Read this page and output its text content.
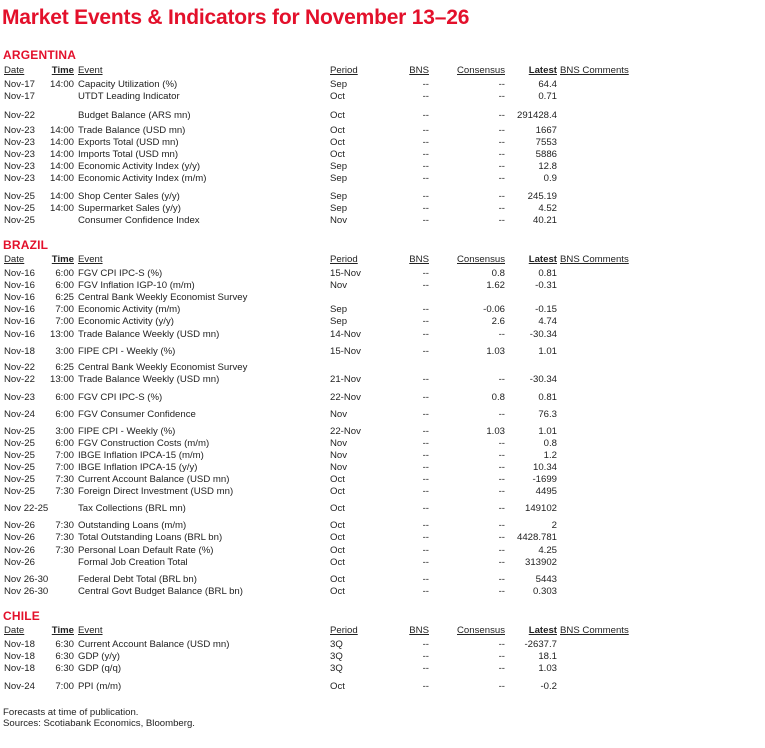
Market Events & Indicators for November 13–26
ARGENTINA
Date	Time Event	Period	BNS	Consensus Latest BNS Comments
Nov-17 14:00 Capacity Utilization (%)	Sep	--	--	64.4
Nov-17	UTDT Leading Indicator	Oct	--	--	0.71
Nov-22	Budget Balance (ARS mn)	Oct	--	-- 291428.4
Nov-23 14:00 Trade Balance (USD mn)	Oct	--	--	1667
Nov-23 14:00 Exports Total (USD mn)	Oct	--	--	7553
Nov-23 14:00 Imports Total (USD mn)	Oct	--	--	5886
Nov-23 14:00 Economic Activity Index (y/y)	Sep	--	--	12.8
Nov-23 14:00 Economic Activity Index (m/m)	Sep	--	--	0.9
Nov-25 14:00 Shop Center Sales (y/y)	Sep	--	-- 245.19
Nov-25 14:00 Supermarket Sales (y/y)	Sep	--	--	4.52
Nov-25	Consumer Confidence Index	Nov	--	--	40.21
BRAZIL
Date	Time Event	Period	BNS	Consensus Latest BNS Comments
Nov-16 6:00 FGV CPI IPC-S (%)	15-Nov	--	0.8	0.81
Nov-16 6:00 FGV Inflation IGP-10 (m/m)	Nov	--	1.62	-0.31
Nov-16 6:25 Central Bank Weekly Economist Survey
Nov-16 7:00 Economic Activity (m/m)	Sep	--	-0.06	-0.15
Nov-16 7:00 Economic Activity (y/y)	Sep	--	2.6	4.74
Nov-16 13:00 Trade Balance Weekly (USD mn)	14-Nov	--	--	-30.34
Nov-18 3:00 FIPE CPI - Weekly (%)	15-Nov	--	1.03	1.01
Nov-22 6:25 Central Bank Weekly Economist Survey
Nov-22 13:00 Trade Balance Weekly (USD mn)	21-Nov	--	--	-30.34
Nov-23 6:00 FGV CPI IPC-S (%)	22-Nov	--	0.8	0.81
Nov-24 6:00 FGV Consumer Confidence	Nov	--	--	76.3
Nov-25 3:00 FIPE CPI - Weekly (%)	22-Nov	--	1.03	1.01
Nov-25 6:00 FGV Construction Costs (m/m)	Nov	--	--	0.8
Nov-25 7:00 IBGE Inflation IPCA-15 (m/m)	Nov	--	--	1.2
Nov-25 7:00 IBGE Inflation IPCA-15 (y/y)	Nov	--	--	10.34
Nov-25 7:30 Current Account Balance (USD mn)	Oct	--	--	-1699
Nov-25 7:30 Foreign Direct Investment (USD mn)	Oct	--	--	4495
Nov 22-25	Tax Collections (BRL mn)	Oct	--	-- 149102
Nov-26 7:30 Outstanding Loans (m/m)	Oct	--	--	2
Nov-26 7:30 Total Outstanding Loans (BRL bn)	Oct	--	-- 4428.781
Nov-26 7:30 Personal Loan Default Rate (%)	Oct	--	--	4.25
Nov-26	Formal Job Creation Total	Oct	--	-- 313902
Nov 26-30	Federal Debt Total (BRL bn)	Oct	--	--	5443
Nov 26-30	Central Govt Budget Balance (BRL bn)	Oct	--	--	0.303
CHILE
Date	Time Event	Period	BNS	Consensus Latest BNS Comments
Nov-18 6:30 Current Account Balance (USD mn)	3Q	--	-- -2637.7
Nov-18 6:30 GDP (y/y)	3Q	--	--	18.1
Nov-18 6:30 GDP (q/q)	3Q	--	--	1.03
Nov-24 7:00 PPI (m/m)	Oct	--	--	-0.2
Forecasts at time of publication.
Sources: Scotiabank Economics, Bloomberg.
